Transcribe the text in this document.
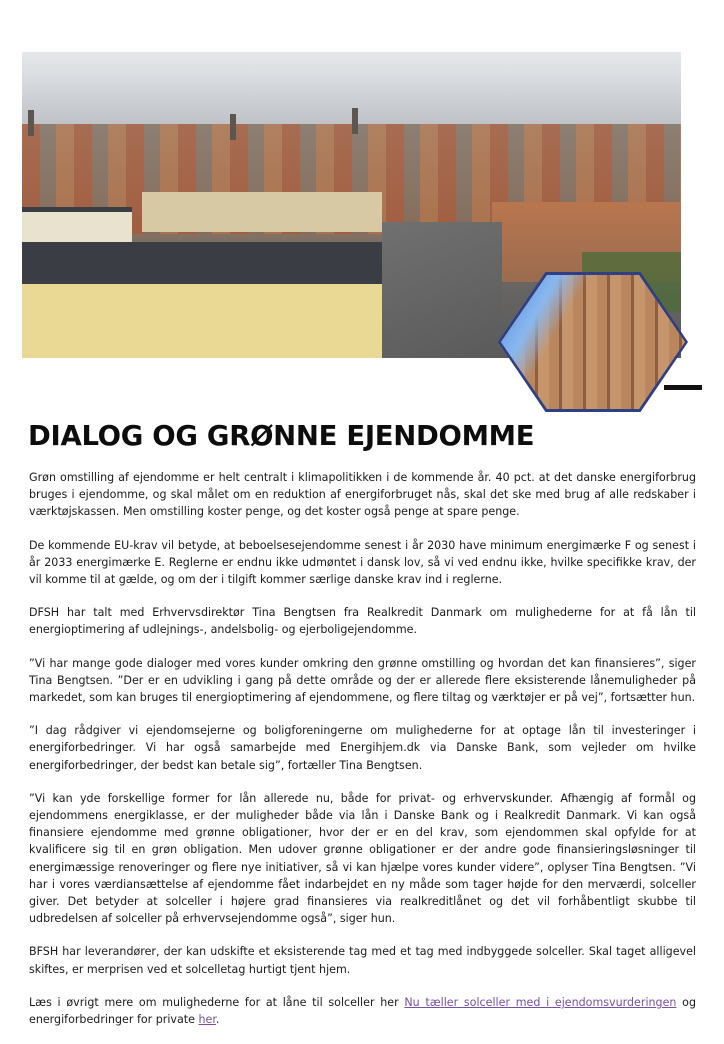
DIALOG OG GRØNNE EJENDOMME

Grøn omstilling af ejendomme er helt centralt i klimapolitikken i de kommende år. 40 pct. at det danske energiforbrug bruges i ejendomme, og skal målet om en reduktion af energiforbruget nås, skal det ske med brug af alle redskaber i værktøjskassen. Men omstilling koster penge, og det koster også penge at spare penge.

De kommende EU-krav vil betyde, at beboelsesejendomme senest i år 2030 have minimum energimærke F og senest i år 2033 energimærke E. Reglerne er endnu ikke udmøntet i dansk lov, så vi ved endnu ikke, hvilke specifikke krav, der vil komme til at gælde, og om der i tilgift kommer særlige danske krav ind i reglerne.

DFSH har talt med Erhvervsdirektør Tina Bengtsen fra Realkredit Danmark om mulighederne for at få lån til energioptimering af udlejnings-, andelsbolig- og ejerboligejendomme.

”Vi har mange gode dialoger med vores kunder omkring den grønne omstilling og hvordan det kan finansieres”, siger Tina Bengtsen. ”Der er en udvikling i gang på dette område og der er allerede flere eksisterende lånemuligheder på markedet, som kan bruges til energioptimering af ejendommene, og flere tiltag og værktøjer er på vej”, fortsætter hun.

”I dag rådgiver vi ejendomsejerne og boligforeningerne om mulighederne for at optage lån til investeringer i energiforbedringer. Vi har også samarbejde med Energihjem.dk via Danske Bank, som vejleder om hvilke energiforbedringer, der bedst kan betale sig”, fortæller Tina Bengtsen.

”Vi kan yde forskellige former for lån allerede nu, både for privat- og erhvervskunder. Afhængig af formål og ejendommens energiklasse, er der muligheder både via lån i Danske Bank og i Realkredit Danmark. Vi kan også finansiere ejendomme med grønne obligationer, hvor der er en del krav, som ejendommen skal opfylde for at kvalificere sig til en grøn obligation. Men udover grønne obligationer er der andre gode finansieringsløsninger til energimæssige renoveringer og flere nye initiativer, så vi kan hjælpe vores kunder videre”, oplyser Tina Bengtsen. ”Vi har i vores værdiansættelse af ejendomme fået indarbejdet en ny måde som tager højde for den merværdi, solceller giver. Det betyder at solceller i højere grad finansieres via realkreditlånet og det vil forhåbentligt skubbe til udbredelsen af solceller på erhvervsejendomme også”, siger hun.

BFSH har leverandører, der kan udskifte et eksisterende tag med et tag med indbyggede solceller. Skal taget alligevel skiftes, er merprisen ved et solcelletag hurtigt tjent hjem.

Læs i øvrigt mere om mulighederne for at låne til solceller her Nu tæller solceller med i ejendomsvurderingen og energiforbedringer for private her.
